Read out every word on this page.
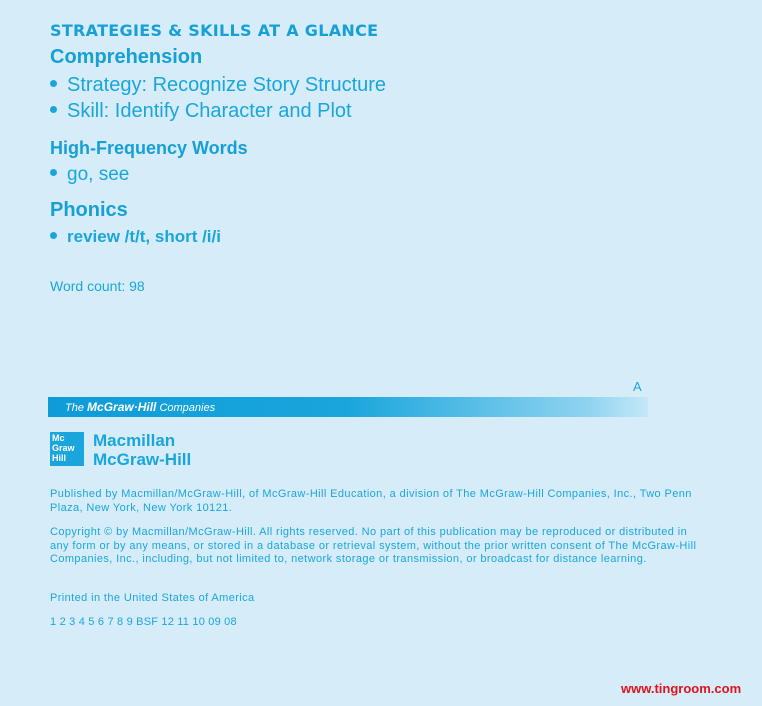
STRATEGIES & SKILLS AT A GLANCE
Comprehension
Strategy: Recognize Story Structure
Skill: Identify Character and Plot
High-Frequency Words
go, see
Phonics
review /t/t, short /i/i
Word count: 98
A
The McGraw·Hill Companies
Mc
Graw
Hill
Macmillan
McGraw-Hill

Published by Macmillan/McGraw-Hill, of McGraw-Hill Education, a division of The McGraw-Hill Companies, Inc., Two Penn Plaza, New York, New York 10121.

Copyright © by Macmillan/McGraw-Hill. All rights reserved. No part of this publication may be reproduced or distributed in any form or by any means, or stored in a database or retrieval system, without the prior written consent of The McGraw-Hill Companies, Inc., including, but not limited to, network storage or transmission, or broadcast for distance learning.

Printed in the United States of America

1 2 3 4 5 6 7 8 9 BSF 12 11 10 09 08

www.tingroom.com
